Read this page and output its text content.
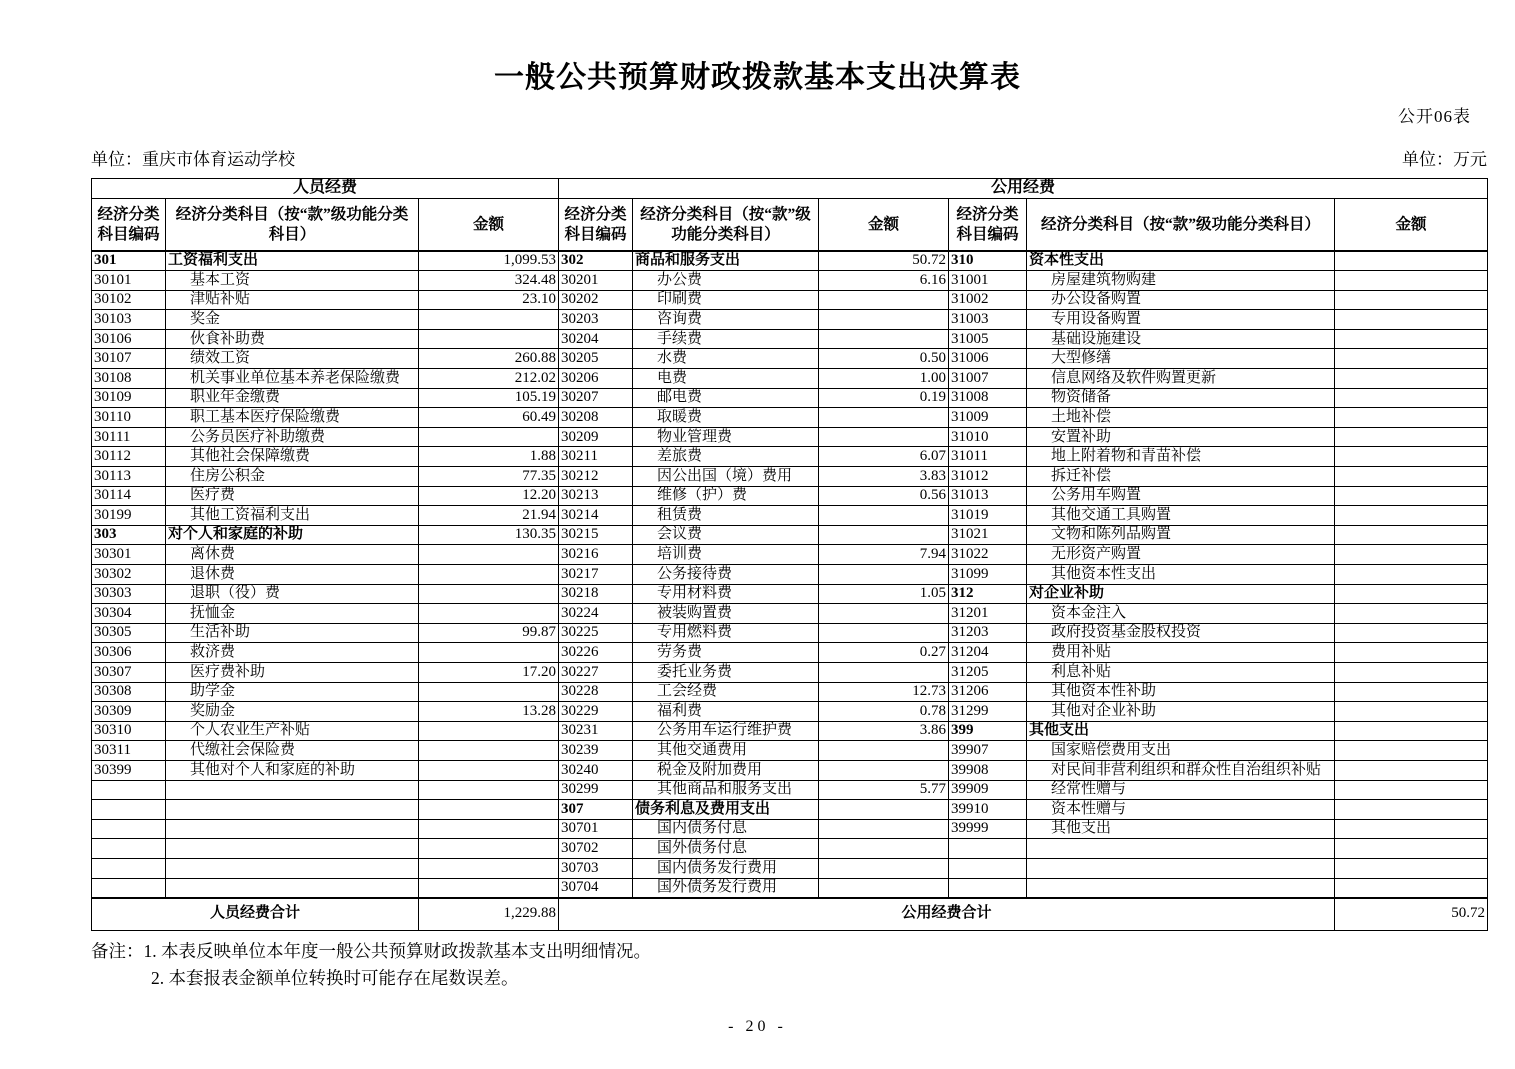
一般公共预算财政拨款基本支出决算表
公开06表
单位：重庆市体育运动学校	单位：万元
人员经费			公用经费					
经济分类科目编码	经济分类科目（按“款”级功能分类科目）	金额	经济分类科目编码	经济分类科目（按“款”级功能分类科目）	金额	经济分类科目编码	经济分类科目（按“款”级功能分类科目）	金额
301	工资福利支出	1,099.53	302	商品和服务支出	50.72	310	资本性支出	
30101	基本工资	324.48	30201	办公费	6.16	31001	房屋建筑物购建	
30102	津贴补贴	23.10	30202	印刷费		31002	办公设备购置	
30103	奖金		30203	咨询费		31003	专用设备购置	
30106	伙食补助费		30204	手续费		31005	基础设施建设	
30107	绩效工资	260.88	30205	水费	0.50	31006	大型修缮	
30108	机关事业单位基本养老保险缴费	212.02	30206	电费	1.00	31007	信息网络及软件购置更新	
30109	职业年金缴费	105.19	30207	邮电费	0.19	31008	物资储备	
30110	职工基本医疗保险缴费	60.49	30208	取暖费		31009	土地补偿	
30111	公务员医疗补助缴费		30209	物业管理费		31010	安置补助	
30112	其他社会保障缴费	1.88	30211	差旅费	6.07	31011	地上附着物和青苗补偿	
30113	住房公积金	77.35	30212	因公出国（境）费用	3.83	31012	拆迁补偿	
30114	医疗费	12.20	30213	维修（护）费	0.56	31013	公务用车购置	
30199	其他工资福利支出	21.94	30214	租赁费		31019	其他交通工具购置	
303	对个人和家庭的补助	130.35	30215	会议费		31021	文物和陈列品购置	
30301	离休费		30216	培训费	7.94	31022	无形资产购置	
30302	退休费		30217	公务接待费		31099	其他资本性支出	
30303	退职（役）费		30218	专用材料费	1.05	312	对企业补助	
30304	抚恤金		30224	被装购置费		31201	资本金注入	
30305	生活补助	99.87	30225	专用燃料费		31203	政府投资基金股权投资	
30306	救济费		30226	劳务费	0.27	31204	费用补贴	
30307	医疗费补助	17.20	30227	委托业务费		31205	利息补贴	
30308	助学金		30228	工会经费	12.73	31206	其他资本性补助	
30309	奖励金	13.28	30229	福利费	0.78	31299	其他对企业补助	
30310	个人农业生产补贴		30231	公务用车运行维护费	3.86	399	其他支出	
30311	代缴社会保险费		30239	其他交通费用		39907	国家赔偿费用支出	
30399	其他对个人和家庭的补助		30240	税金及附加费用		39908	对民间非营利组织和群众性自治组织补贴	
			30299	其他商品和服务支出	5.77	39909	经常性赠与	
			307	债务利息及费用支出		39910	资本性赠与	
			30701	国内债务付息		39999	其他支出	
			30702	国外债务付息				
			30703	国内债务发行费用				
			30704	国外债务发行费用				
人员经费合计		1,229.88	公用经费合计					50.72
备注：1. 本表反映单位本年度一般公共预算财政拨款基本支出明细情况。
2. 本套报表金额单位转换时可能存在尾数误差。
- 20 -
